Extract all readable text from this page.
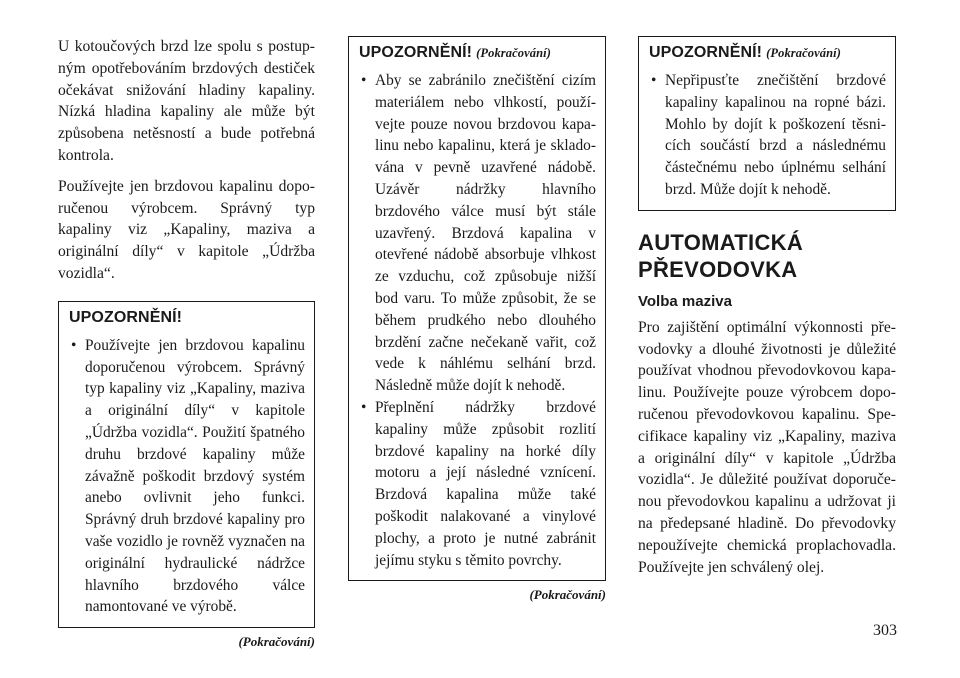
U kotoučových brzd lze spolu s postupným opotřebováním brzdových destiček očekávat snižování hladiny kapaliny. Nízká hladina kapaliny ale může být způsobena netěsností a bude potřebná kontrola.

Používejte jen brzdovou kapalinu doporučenou výrobcem. Správný typ kapaliny viz „Kapaliny, maziva a originální díly“ v kapitole „Údržba vozidla“.

UPOZORNĚNÍ!
• Používejte jen brzdovou kapalinu doporučenou výrobcem. Správný typ kapaliny viz „Kapaliny, maziva a originální díly“ v kapitole „Údržba vozidla“. Použití špatného druhu brzdové kapaliny může závažně poškodit brzdový systém anebo ovlivnit jeho funkci. Správný druh brzdové kapaliny pro vaše vozidlo je rovněž vyznačen na originální hydraulické nádržce hlavního brzdového válce namontované ve výrobě.
(Pokračování)
UPOZORNĚNÍ! (Pokračování)
• Aby se zabránilo znečištění cizím materiálem nebo vlhkostí, používejte pouze novou brzdovou kapalinu nebo kapalinu, která je skladována v pevně uzavřené nádobě. Uzávěr nádržky hlavního brzdového válce musí být stále uzavřený. Brzdová kapalina v otevřené nádobě absorbuje vlhkost ze vzduchu, což způsobuje nižší bod varu. To může způsobit, že se během prudkého nebo dlouhého brzdění začne nečekaně vařit, což vede k náhlému selhání brzd. Následně může dojít k nehodě.
• Přeplnění nádržky brzdové kapaliny může způsobit rozlití brzdové kapaliny na horké díly motoru a její následné vznícení. Brzdová kapalina může také poškodit nalakované a vinylové plochy, a proto je nutné zabránit jejímu styku s těmito povrchy.
(Pokračování)
UPOZORNĚNÍ! (Pokračování)
• Nepřipusťte znečištění brzdové kapaliny kapalinou na ropné bázi. Mohlo by dojít k poškození těsnicích součástí brzd a následnému částečnému nebo úplnému selhání brzd. Může dojít k nehodě.
AUTOMATICKÁ PŘEVODOVKA
Volba maziva

Pro zajištění optimální výkonnosti převodovky a dlouhé životnosti je důležité používat vhodnou převodovkovou kapalinu. Používejte pouze výrobcem doporučenou převodovkovou kapalinu. Specifikace kapaliny viz „Kapaliny, maziva a originální díly“ v kapitole „Údržba vozidla“. Je důležité používat doporučenou převodovkou kapalinu a udržovat ji na předepsané hladině. Do převodovky nepoužívejte chemická proplachovadla. Používejte jen schválený olej.

303
